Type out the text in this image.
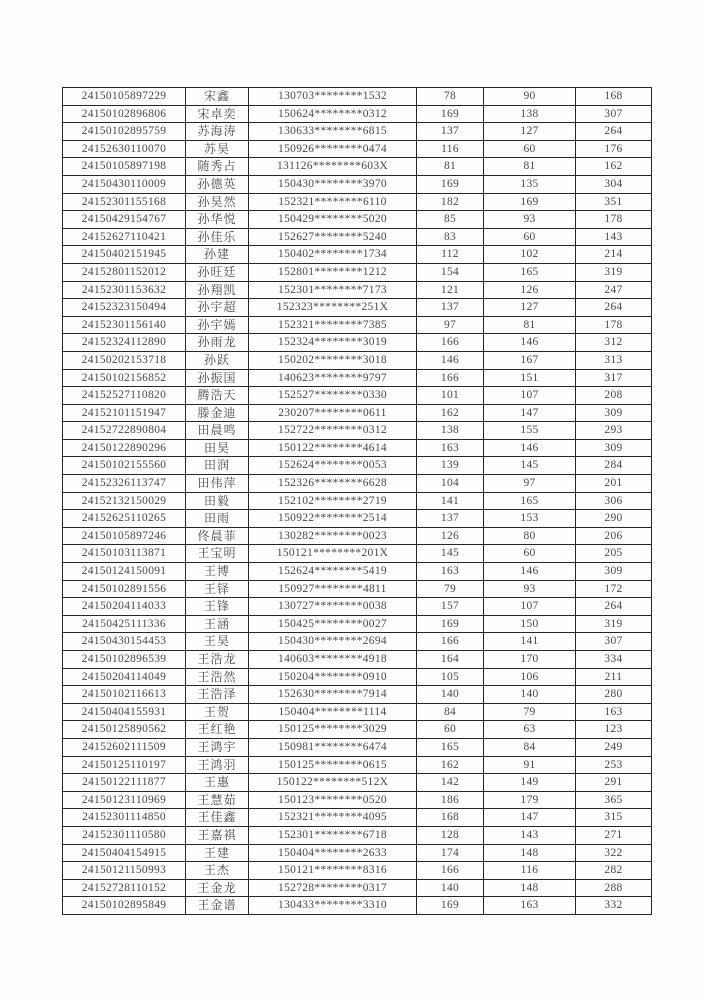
24150105897229	宋鑫	130703********1532	78	90	168
24150102896806	宋卓奕	150624********0312	169	138	307
24150102895759	苏海涛	130633********6815	137	127	264
24152630110070	苏昊	150926********0474	116	60	176
24150105897198	随秀占	131126********603X	81	81	162
24150430110009	孙德英	150430********3970	169	135	304
24152301155168	孙昊然	152321********6110	182	169	351
24150429154767	孙华悦	150429********5020	85	93	178
24152627110421	孙佳乐	152627********5240	83	60	143
24150402151945	孙建	150402********1734	112	102	214
24152801152012	孙旺廷	152801********1212	154	165	319
24152301153632	孙翔凯	152301********7173	121	126	247
24152323150494	孙宇超	152323********251X	137	127	264
24152301156140	孙宇嫣	152321********7385	97	81	178
24152324112890	孙雨龙	152324********3019	166	146	312
24150202153718	孙跃	150202********3018	146	167	313
24150102156852	孙振国	140623********9797	166	151	317
24152527110820	腾浩天	152527********0330	101	107	208
24152101151947	滕金迪	230207********0611	162	147	309
24152722890804	田晨鸣	152722********0312	138	155	293
24150122890296	田昊	150122********4614	163	146	309
24150102155560	田润	152624********0053	139	145	284
24152326113747	田伟萍	152326********6628	104	97	201
24152132150029	田毅	152102********2719	141	165	306
24152625110265	田雨	150922********2514	137	153	290
24150105897246	佟晨菲	130282********0023	126	80	206
24150103113871	王宝明	150121********201X	145	60	205
24150124150091	王博	152624********5419	163	146	309
24150102891556	王铎	150927********4811	79	93	172
24150204114033	王锋	130727********0038	157	107	264
24150425111336	王涵	150425********0027	169	150	319
24150430154453	王昊	150430********2694	166	141	307
24150102896539	王浩龙	140603********4918	164	170	334
24150204114049	王浩然	150204********0910	105	106	211
24150102116613	王浩泽	152630********7914	140	140	280
24150404155931	王贺	150404********1114	84	79	163
24150125890562	王红艳	150125********3029	60	63	123
24152602111509	王鸿宇	150981********6474	165	84	249
24150125110197	王鸿羽	150125********0615	162	91	253
24150122111877	王惠	150122********512X	142	149	291
24150123110969	王慧茹	150123********0520	186	179	365
24152301114850	王佳鑫	152321********4095	168	147	315
24152301110580	王嘉祺	152301********6718	128	143	271
24150404154915	王建	150404********2633	174	148	322
24150121150993	王杰	150121********8316	166	116	282
24152728110152	王金龙	152728********0317	140	148	288
24150102895849	王金谱	130433********3310	169	163	332
